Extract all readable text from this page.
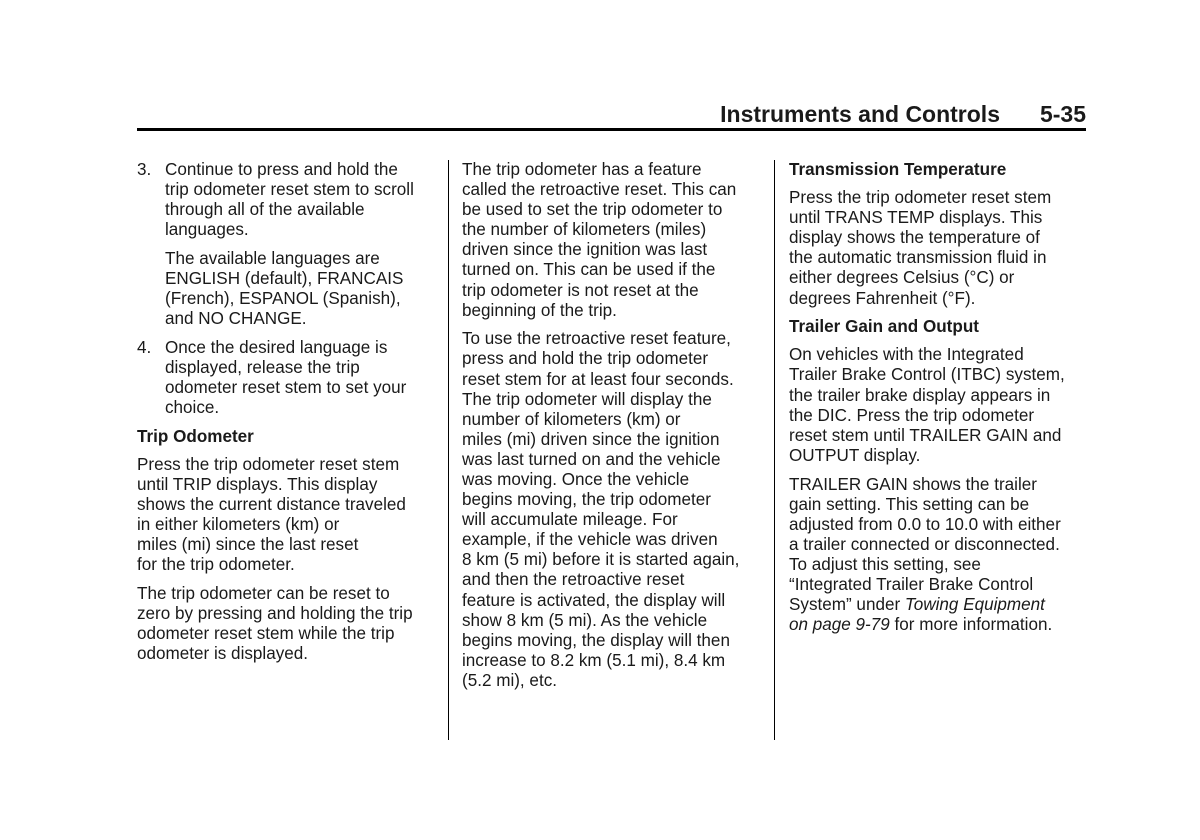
Instruments and Controls 5-35
3. Continue to press and hold the
trip odometer reset stem to scroll
through all of the available
languages.

The available languages are
ENGLISH (default), FRANCAIS
(French), ESPANOL (Spanish),
and NO CHANGE.

4. Once the desired language is
displayed, release the trip
odometer reset stem to set your
choice.

Trip Odometer

Press the trip odometer reset stem
until TRIP displays. This display
shows the current distance traveled
in either kilometers (km) or
miles (mi) since the last reset
for the trip odometer.

The trip odometer can be reset to
zero by pressing and holding the trip
odometer reset stem while the trip
odometer is displayed.

The trip odometer has a feature
called the retroactive reset. This can
be used to set the trip odometer to
the number of kilometers (miles)
driven since the ignition was last
turned on. This can be used if the
trip odometer is not reset at the
beginning of the trip.

To use the retroactive reset feature,
press and hold the trip odometer
reset stem for at least four seconds.
The trip odometer will display the
number of kilometers (km) or
miles (mi) driven since the ignition
was last turned on and the vehicle
was moving. Once the vehicle
begins moving, the trip odometer
will accumulate mileage. For
example, if the vehicle was driven
8 km (5 mi) before it is started again,
and then the retroactive reset
feature is activated, the display will
show 8 km (5 mi). As the vehicle
begins moving, the display will then
increase to 8.2 km (5.1 mi), 8.4 km
(5.2 mi), etc.

Transmission Temperature

Press the trip odometer reset stem
until TRANS TEMP displays. This
display shows the temperature of
the automatic transmission fluid in
either degrees Celsius (°C) or
degrees Fahrenheit (°F).

Trailer Gain and Output

On vehicles with the Integrated
Trailer Brake Control (ITBC) system,
the trailer brake display appears in
the DIC. Press the trip odometer
reset stem until TRAILER GAIN and
OUTPUT display.

TRAILER GAIN shows the trailer
gain setting. This setting can be
adjusted from 0.0 to 10.0 with either
a trailer connected or disconnected.
To adjust this setting, see
“Integrated Trailer Brake Control
System” under Towing Equipment
on page 9-79 for more information.
